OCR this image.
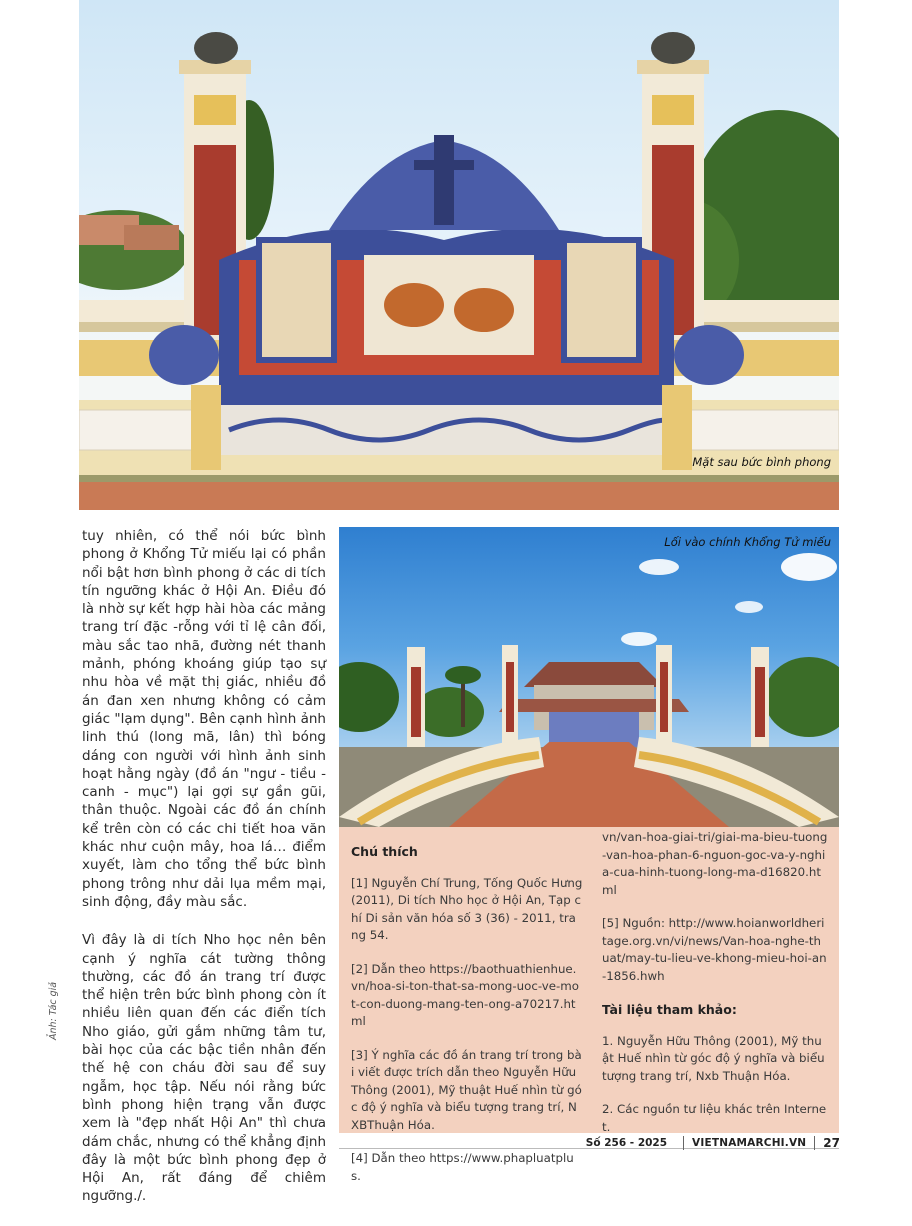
Mặt sau bức bình phong

tuy nhiên, có thể nói bức bình phong ở Khổng Tử miếu lại có phần nổi bật hơn bình phong ở các di tích tín ngưỡng khác ở Hội An. Điều đó là nhờ sự kết hợp hài hòa các mảng trang trí đặc -rỗng với tỉ lệ cân đối, màu sắc tao nhã, đường nét thanh mảnh, phóng khoáng giúp tạo sự nhu hòa về mặt thị giác, nhiều đồ án đan xen nhưng không có cảm giác "lạm dụng". Bên cạnh hình ảnh linh thú (long mã, lân) thì bóng dáng con người với hình ảnh sinh hoạt hằng ngày (đồ án "ngư - tiều - canh - mục") lại gợi sự gần gũi, thân thuộc. Ngoài các đồ án chính kể trên còn có các chi tiết hoa văn khác như cuộn mây, hoa lá… điểm xuyết, làm cho tổng thể bức bình phong trông như dải lụa mềm mại, sinh động, đầy màu sắc.

Vì đây là di tích Nho học nên bên cạnh ý nghĩa cát tường thông thường, các đồ án trang trí được thể hiện trên bức bình phong còn ít nhiều liên quan đến các điển tích Nho giáo, gửi gắm những tâm tư, bài học của các bậc tiền nhân đến thế hệ con cháu đời sau để suy ngẫm, học tập. Nếu nói rằng bức bình phong hiện trạng vẫn được xem là "đẹp nhất Hội An" thì chưa dám chắc, nhưng có thể khẳng định đây là một bức bình phong đẹp ở Hội An, rất đáng để chiêm ngưỡng./.

Ảnh: Tác giả
Lối vào chính Khổng Tử miếu
Chú thích

[1] Nguyễn Chí Trung, Tống Quốc Hưng (2011), Di tích Nho học ở Hội An, Tạp chí Di sản văn hóa số 3 (36) - 2011, trang 54.

[2] Dẫn theo https://baothuathienhue.vn/hoa-si-ton-that-sa-mong-uoc-ve-mot-con-duong-mang-ten-ong-a70217.html

[3] Ý nghĩa các đồ án trang trí trong bài viết được trích dẫn theo Nguyễn Hữu Thông (2001), Mỹ thuật Huế nhìn từ góc độ ý nghĩa và biểu tượng trang trí, NXBThuận Hóa.

[4] Dẫn theo https://www.phapluatplus.

vn/van-hoa-giai-tri/giai-ma-bieu-tuong-van-hoa-phan-6-nguon-goc-va-y-nghia-cua-hinh-tuong-long-ma-d16820.html

[5] Nguồn: http://www.hoianworldheritage.org.vn/vi/news/Van-hoa-nghe-thuat/may-tu-lieu-ve-khong-mieu-hoi-an-1856.hwh

Tài liệu tham khảo:

1. Nguyễn Hữu Thông (2001), Mỹ thuật Huế nhìn từ góc độ ý nghĩa và biểu tượng trang trí, Nxb Thuận Hóa.

2. Các nguồn tư liệu khác trên Internet.

Số 256 - 2025 VIETNAMARCHI.VN 27
